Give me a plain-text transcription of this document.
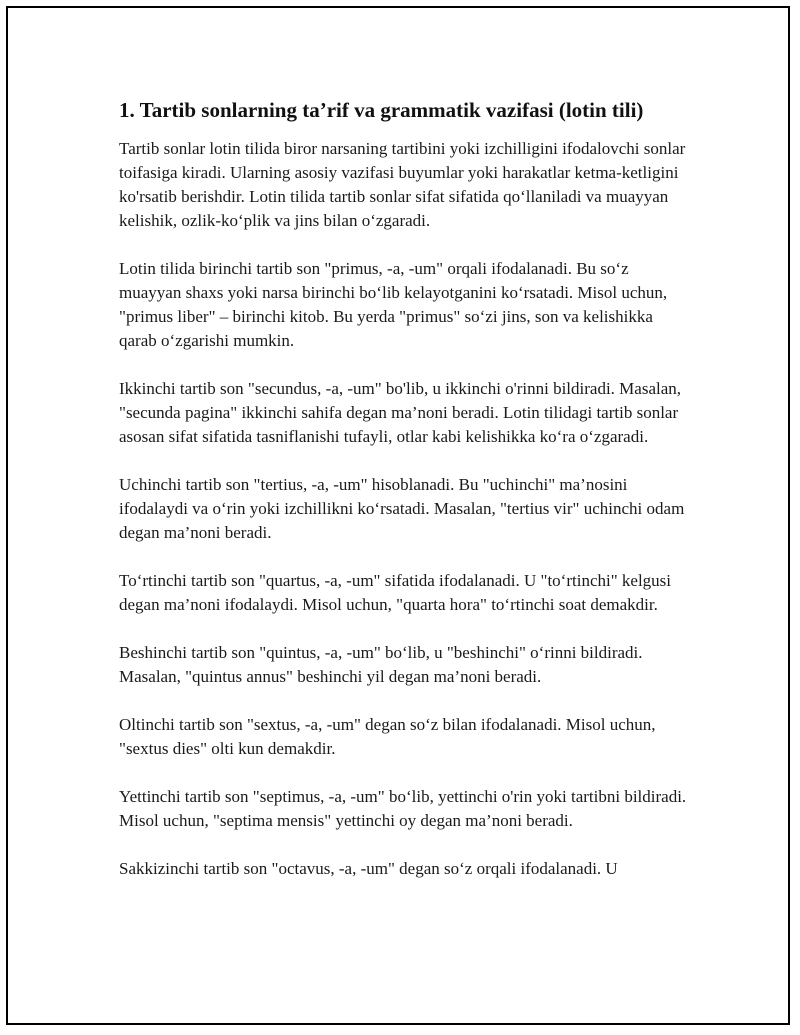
1. Tartib sonlarning ta’rif va grammatik vazifasi (lotin tili)

Tartib sonlar lotin tilida biror narsaning tartibini yoki izchilligini ifodalovchi sonlar toifasiga kiradi. Ularning asosiy vazifasi buyumlar yoki harakatlar ketma-ketligini ko'rsatib berishdir. Lotin tilida tartib sonlar sifat sifatida qo‘llaniladi va muayyan kelishik, ozlik-ko‘plik va jins bilan o‘zgaradi.

Lotin tilida birinchi tartib son "primus, -a, -um" orqali ifodalanadi. Bu so‘z muayyan shaxs yoki narsa birinchi bo‘lib kelayotganini ko‘rsatadi. Misol uchun, "primus liber" – birinchi kitob. Bu yerda "primus" so‘zi jins, son va kelishikka qarab o‘zgarishi mumkin.

Ikkinchi tartib son "secundus, -a, -um" bo'lib, u ikkinchi o'rinni bildiradi. Masalan, "secunda pagina" ikkinchi sahifa degan ma’noni beradi. Lotin tilidagi tartib sonlar asosan sifat sifatida tasniflanishi tufayli, otlar kabi kelishikka ko‘ra o‘zgaradi.

Uchinchi tartib son "tertius, -a, -um" hisoblanadi. Bu "uchinchi" ma’nosini ifodalaydi va o‘rin yoki izchillikni ko‘rsatadi. Masalan, "tertius vir" uchinchi odam degan ma’noni beradi.

To‘rtinchi tartib son "quartus, -a, -um" sifatida ifodalanadi. U "to‘rtinchi" kelgusi degan ma’noni ifodalaydi. Misol uchun, "quarta hora" to‘rtinchi soat demakdir.

Beshinchi tartib son "quintus, -a, -um" bo‘lib, u "beshinchi" o‘rinni bildiradi. Masalan, "quintus annus" beshinchi yil degan ma’noni beradi.

Oltinchi tartib son "sextus, -a, -um" degan so‘z bilan ifodalanadi. Misol uchun, "sextus dies" olti kun demakdir.

Yettinchi tartib son "septimus, -a, -um" bo‘lib, yettinchi o'rin yoki tartibni bildiradi. Misol uchun, "septima mensis" yettinchi oy degan ma’noni beradi.

Sakkizinchi tartib son "octavus, -a, -um" degan so‘z orqali ifodalanadi. U
